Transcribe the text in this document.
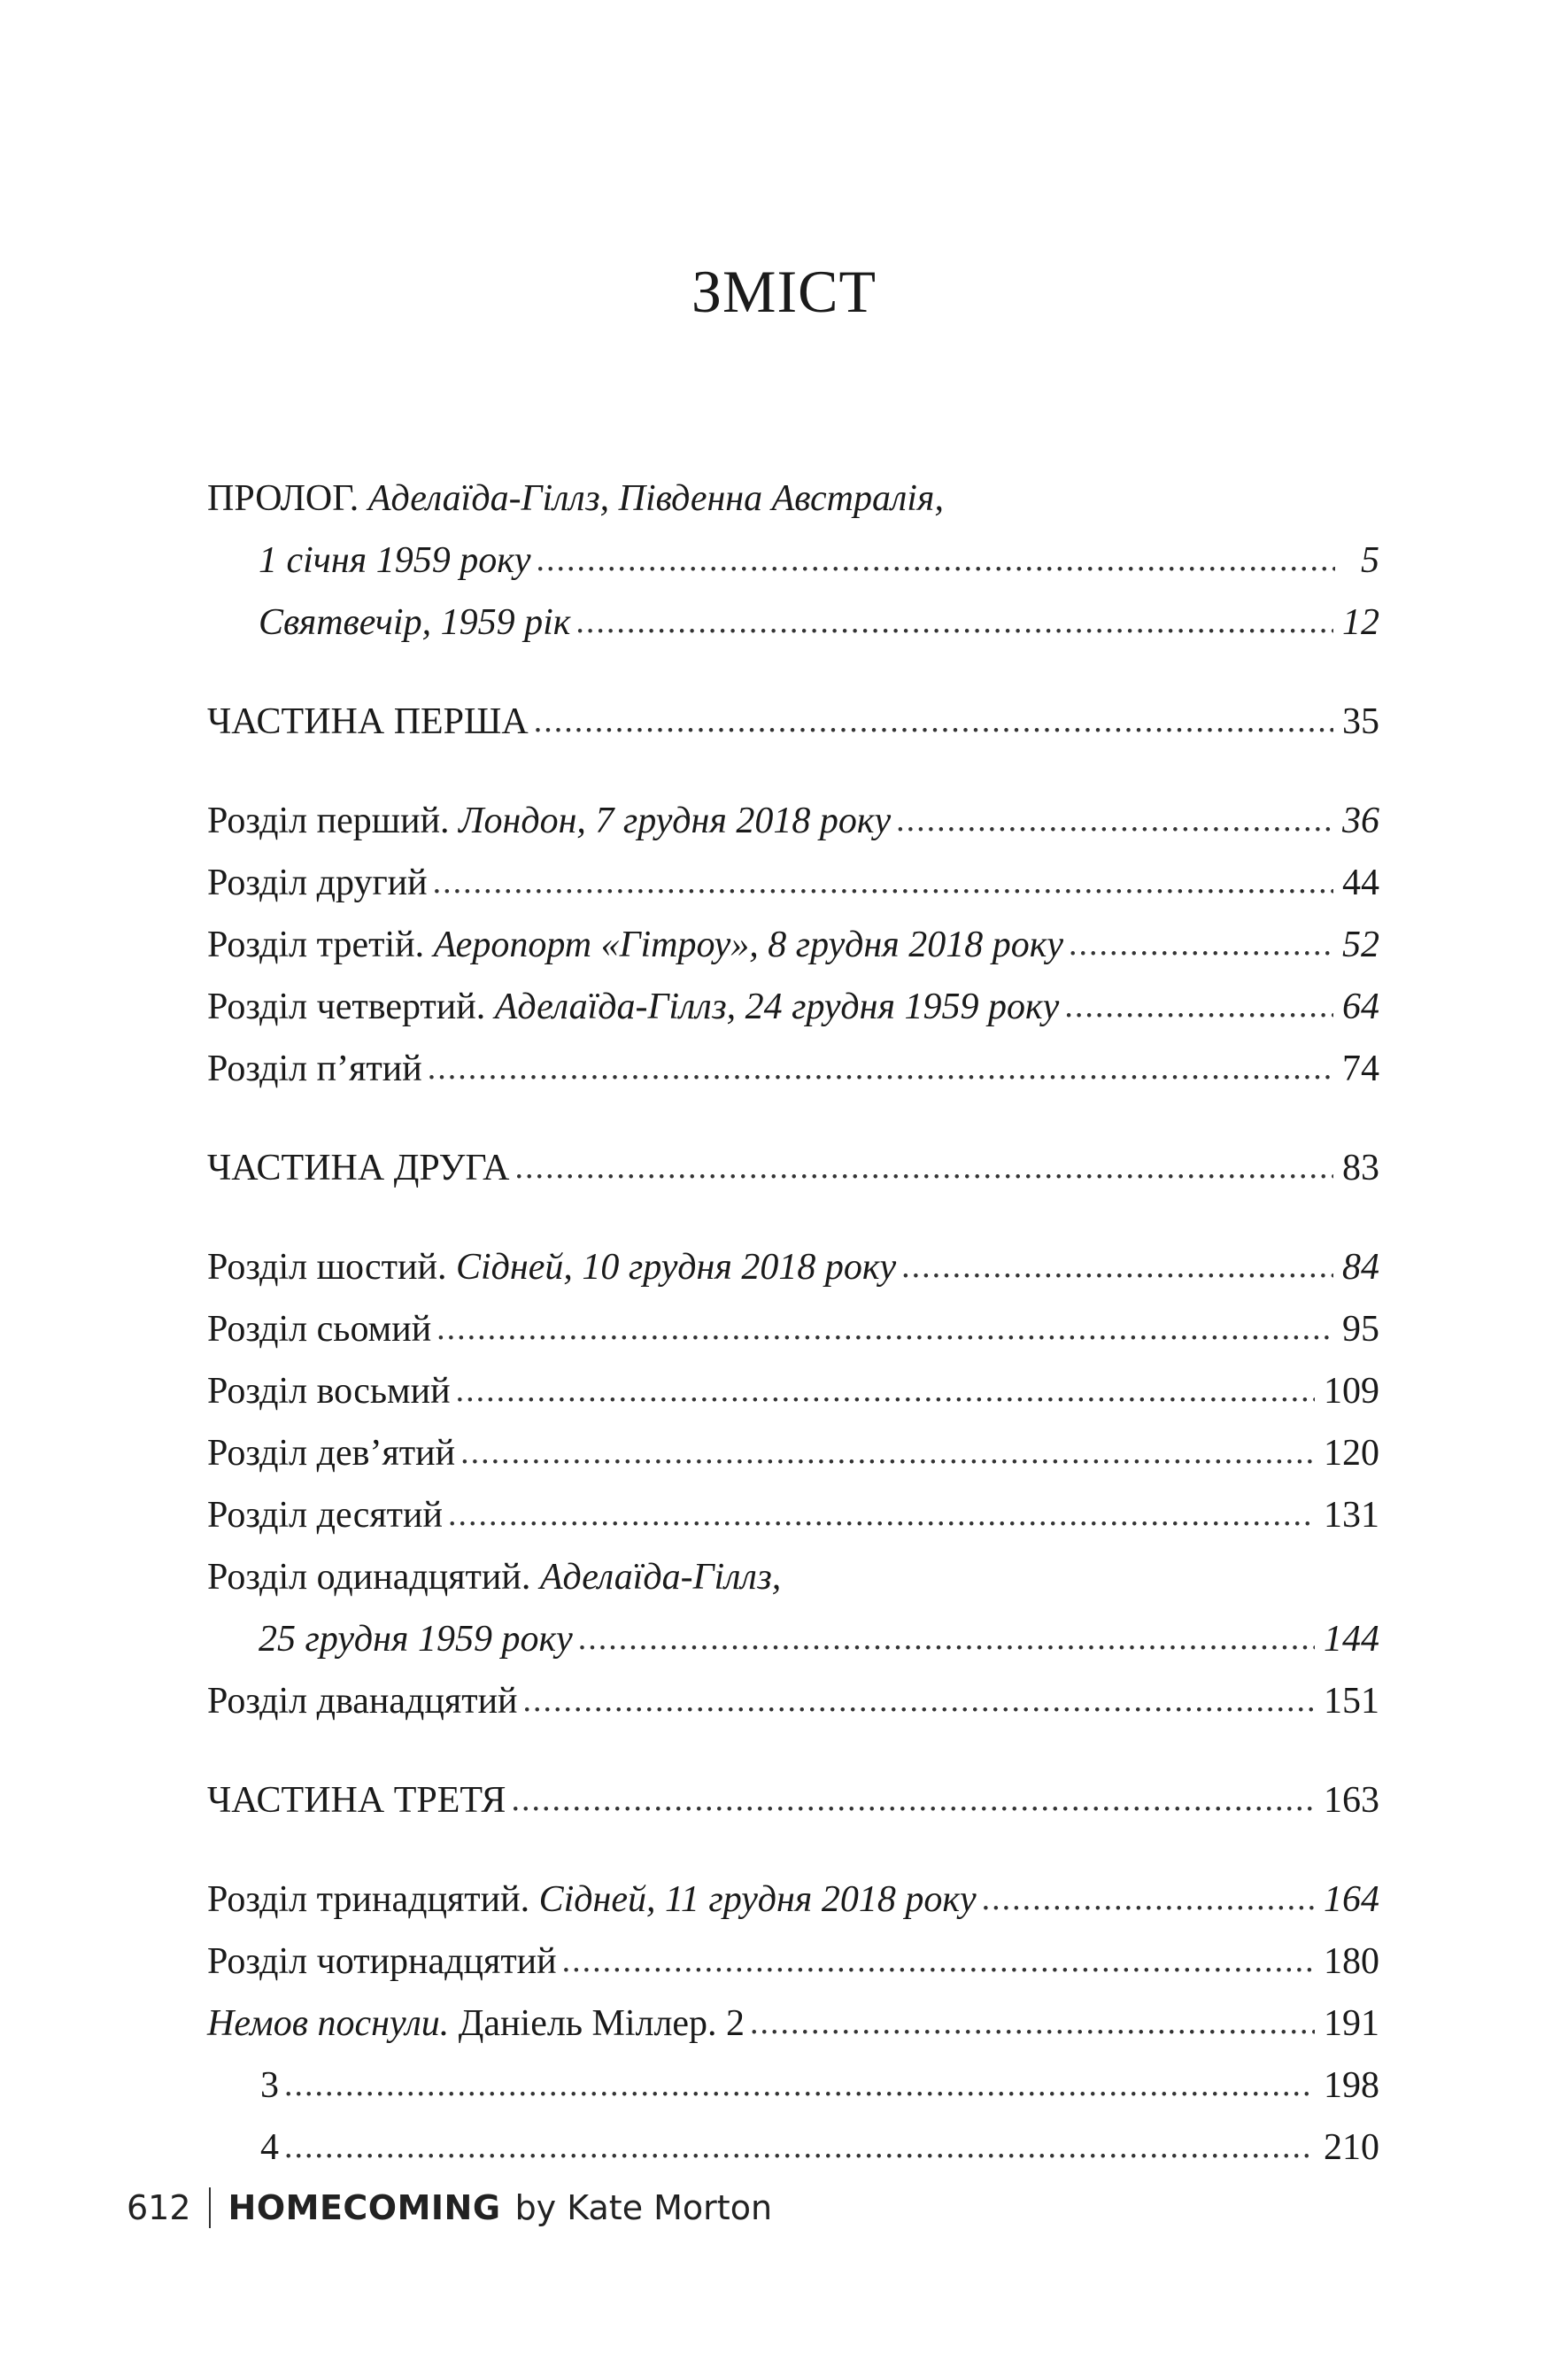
ЗМІСТ
ПРОЛОГ. Аделаїда-Гіллз, Південна Австралія,
1 січня 1959 року .....	5
Святвечір, 1959 рік .....	12
ЧАСТИНА ПЕРША .....	35
Розділ перший. Лондон, 7 грудня 2018 року .....	36
Розділ другий .....	44
Розділ третій. Аеропорт «Гітроу», 8 грудня 2018 року .....	52
Розділ четвертий. Аделаїда-Гіллз, 24 грудня 1959 року .....	64
Розділ п’ятий .....	74
ЧАСТИНА ДРУГА .....	83
Розділ шостий. Сідней, 10 грудня 2018 року .....	84
Розділ сьомий .....	95
Розділ восьмий .....	109
Розділ дев’ятий .....	120
Розділ десятий .....	131
Розділ одинадцятий. Аделаїда-Гіллз,
25 грудня 1959 року .....	144
Розділ дванадцятий .....	151
ЧАСТИНА ТРЕТЯ .....	163
Розділ тринадцятий. Сідней, 11 грудня 2018 року .....	164
Розділ чотирнадцятий .....	180
Немов поснули. Даніeль Міллер. 2 .....	191
3 .....	198
4 .....	210
612 HOMECOMING by Kate Morton
